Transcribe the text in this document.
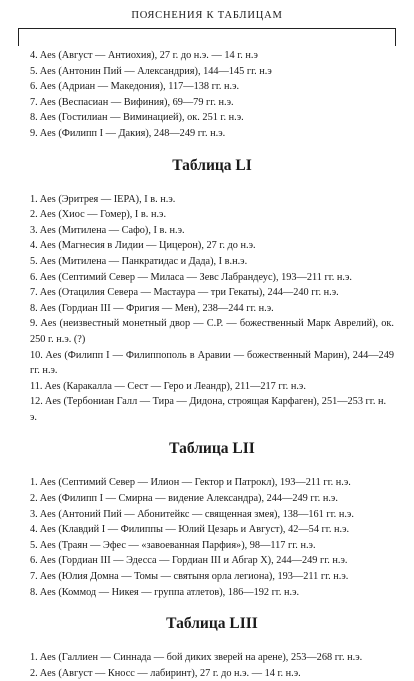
ПОЯСНЕНИЯ К ТАБЛИЦАМ

4. Aes (Август — Антиохия), 27 г. до н.э. — 14 г. н.э

5. Aes (Антонин Пий — Александрия), 144—145 гг. н.э

6. Aes (Адриан — Македония), 117—138 гг. н.э.

7. Aes (Веспасиан — Вифиния), 69—79 гг. н.э.

8. Aes (Гостилиан — Виминацией), ок. 251 г. н.э.

9. Aes (Филипп I — Дакия), 248—249 гг. н.э.

Таблица LI

1. Aes (Эритрея — IEPA), I в. н.э.

2. Aes (Хиос — Гомер), I в. н.э.

3. Aes (Митилена — Сафо), I в. н.э.

4. Aes (Магнесия в Лидии — Цицерон), 27 г. до н.э.

5. Aes (Митилена — Панкратидас и Дада), I в.н.э.

6. Aes (Септимий Север — Миласа — Зевс Лабрандеус), 193—211 гг. н.э.

7. Aes (Отацилия Севера — Мастаура — три Гекаты), 244—240 гг. н.э.

8. Aes (Гордиан III — Фригия — Мен), 238—244 гг. н.э.

9. Aes (неизвестный монетный двор — С.Р. — божественный Марк Аврелий), ок. 250 г. н.э. (?)

10. Aes (Филипп I — Филиппополь в Аравии — божественный Марин), 244—249 гг. н.э.

11. Aes (Каракалла — Сест — Геро и Леандр), 211—217 гг. н.э.

12. Aes (Тербониан Галл — Тира — Дидона, строящая Карфаген), 251—253 гг. н. э.

Таблица LII

1. Aes (Септимий Север — Илион — Гектор и Патрокл), 193—211 гг. н.э.

2. Aes (Филипп I — Смирна — видение Александра), 244—249 гг. н.э.

3. Aes (Антоний Пий — Абонитейкс — священная змея), 138—161 гг. н.э.

4. Aes (Клавдий I — Филиппы — Юлий Цезарь и Август), 42—54 гг. н.э.

5. Aes (Траян — Эфес — «завоеванная Парфия»), 98—117 гг. н.э.

6. Aes (Гордиан III — Эдесса — Гордиан III и Абгар X), 244—249 гг. н.э.

7. Aes (Юлия Домна — Томы — святыня орла легиона), 193—211 гг. н.э.

8. Aes (Коммод — Никея — группа атлетов), 186—192 гг. н.э.

Таблица LIII

1. Aes (Галлиен — Синнада — бой диких зверей на арене), 253—268 гг. н.э.

2. Aes (Август — Кносс — лабиринт), 27 г. до н.э. — 14 г. н.э.
